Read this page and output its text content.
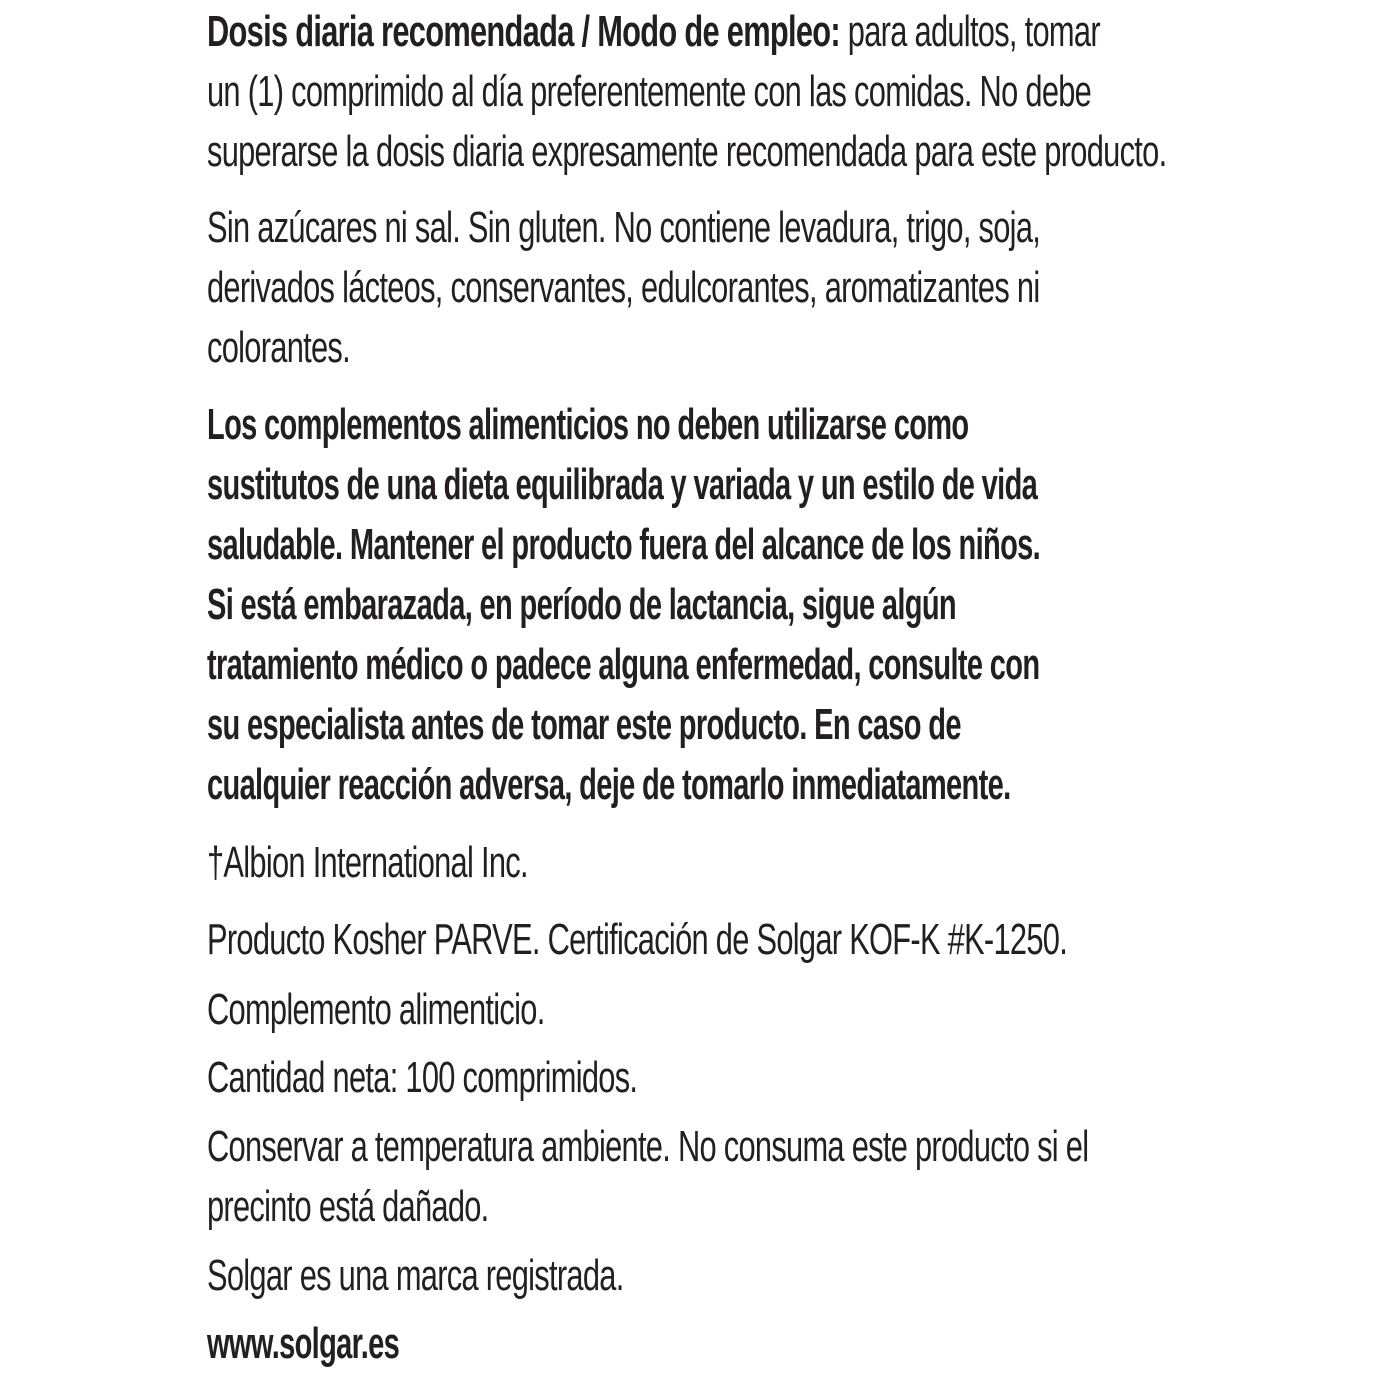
Dosis diaria recomendada / Modo de empleo: para adultos, tomar
un (1) comprimido al día preferentemente con las comidas. No debe
superarse la dosis diaria expresamente recomendada para este producto.
Sin azúcares ni sal. Sin gluten. No contiene levadura, trigo, soja,
derivados lácteos, conservantes, edulcorantes, aromatizantes ni
colorantes.
Los complementos alimenticios no deben utilizarse como
sustitutos de una dieta equilibrada y variada y un estilo de vida
saludable. Mantener el producto fuera del alcance de los niños.
Si está embarazada, en período de lactancia, sigue algún
tratamiento médico o padece alguna enfermedad, consulte con
su especialista antes de tomar este producto. En caso de
cualquier reacción adversa, deje de tomarlo inmediatamente.
†Albion International Inc.
Producto Kosher PARVE. Certificación de Solgar KOF-K #K-1250.
Complemento alimenticio.
Cantidad neta: 100 comprimidos.
Conservar a temperatura ambiente. No consuma este producto si el
precinto está dañado.
Solgar es una marca registrada.
www.solgar.es
